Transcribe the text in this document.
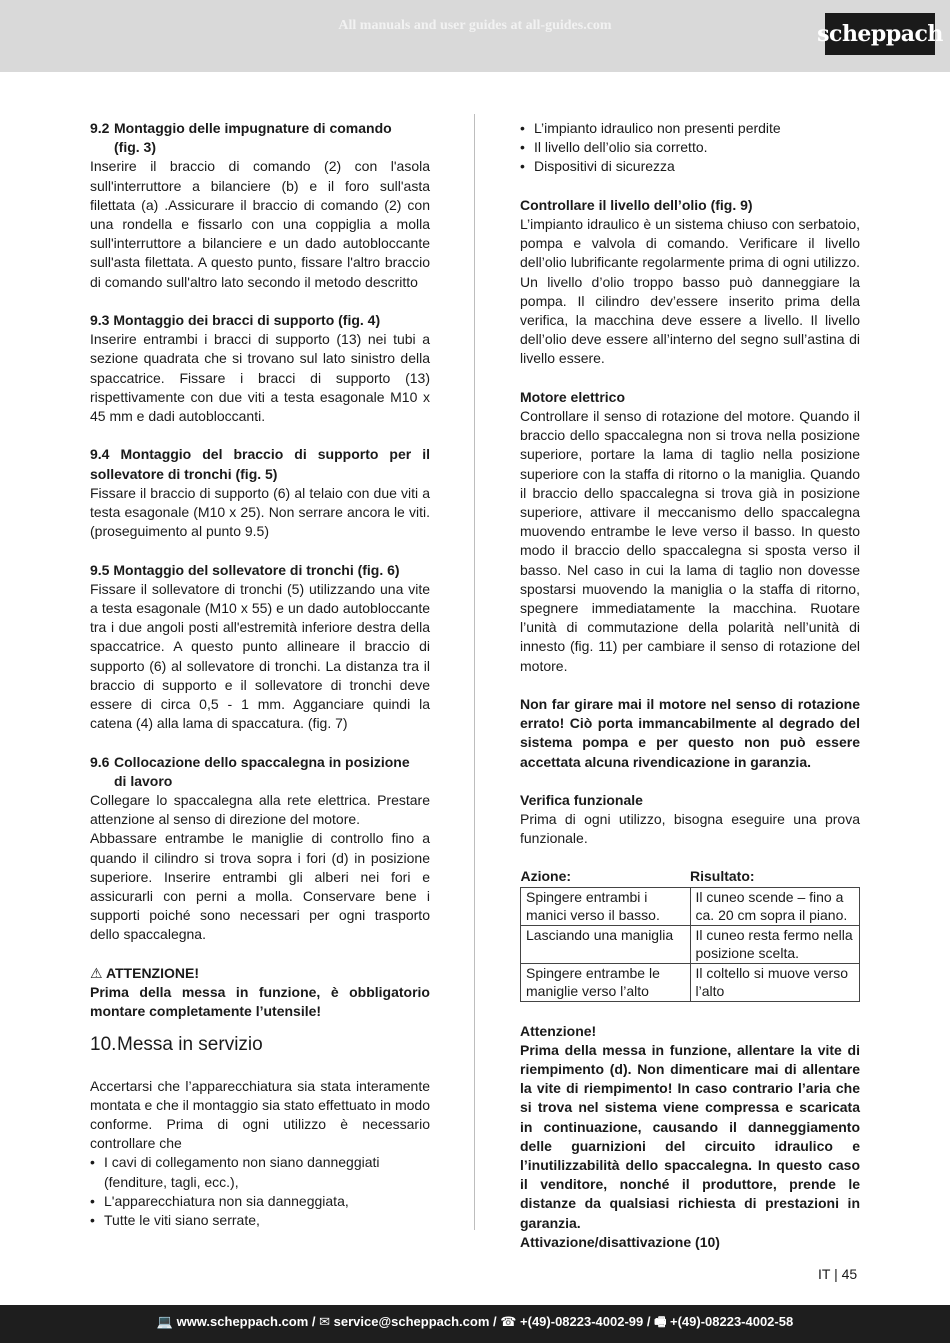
All manuals and user guides at all-guides.com	scheppach

9.2 Montaggio delle impugnature di comando
(fig. 3)

Inserire il braccio di comando (2) con l'asola sull'interruttore a bilanciere (b) e il foro sull'asta filettata (a) .Assicurare il braccio di comando (2) con una rondella e fissarlo con una coppiglia a molla sull'interruttore a bilanciere e un dado autobloccante sull'asta filettata. A questo punto, fissare l'altro braccio di comando sull'altro lato secondo il metodo descritto

9.3 Montaggio dei bracci di supporto (fig. 4)

Inserire entrambi i bracci di supporto (13) nei tubi a sezione quadrata che si trovano sul lato sinistro della spaccatrice. Fissare i bracci di supporto (13) rispettivamente con due viti a testa esagonale M10 x 45 mm e dadi autobloccanti.

9.4 Montaggio del braccio di supporto per il sollevatore di tronchi (fig. 5)

Fissare il braccio di supporto (6) al telaio con due viti a testa esagonale (M10 x 25). Non serrare ancora le viti. (proseguimento al punto 9.5)

9.5 Montaggio del sollevatore di tronchi (fig. 6)

Fissare il sollevatore di tronchi (5) utilizzando una vite a testa esagonale (M10 x 55) e un dado autobloccante tra i due angoli posti all'estremità inferiore destra della spaccatrice. A questo punto allineare il braccio di supporto (6) al sollevatore di tronchi. La distanza tra il braccio di supporto e il sollevatore di tronchi deve essere di circa 0,5 - 1 mm. Agganciare quindi la catena (4) alla lama di spaccatura. (fig. 7)

9.6 Collocazione dello spaccalegna in posizione
di lavoro

Collegare lo spaccalegna alla rete elettrica. Prestare attenzione al senso di direzione del motore.

Abbassare entrambe le maniglie di controllo fino a quando il cilindro si trova sopra i fori (d) in posizione superiore. Inserire entrambi gli alberi nei fori e assicurarli con perni a molla. Conservare bene i supporti poiché sono necessari per ogni trasporto dello spaccalegna.

⚠ ATTENZIONE!

Prima della messa in funzione, è obbligatorio montare completamente l’utensile!

10.Messa in servizio

Accertarsi che l’apparecchiatura sia stata interamente montata e che il montaggio sia stato effettuato in modo conforme. Prima di ogni utilizzo è necessario controllare che

• I cavi di collegamento non siano danneggiati (fenditure, tagli, ecc.),
• L'apparecchiatura non sia danneggiata,
• Tutte le viti siano serrate,
• L’impianto idraulico non presenti perdite
• Il livello dell’olio sia corretto.
• Dispositivi di sicurezza

Controllare il livello dell’olio (fig. 9)

L’impianto idraulico è un sistema chiuso con serbatoio, pompa e valvola di comando. Verificare il livello dell’olio lubrificante regolarmente prima di ogni utilizzo. Un livello d’olio troppo basso può danneggiare la pompa. Il cilindro dev’essere inserito prima della verifica, la macchina deve essere a livello. Il livello dell’olio deve essere all’interno del segno sull’astina di livello essere.

Motore elettrico

Controllare il senso di rotazione del motore. Quando il braccio dello spaccalegna non si trova nella posizione superiore, portare la lama di taglio nella posizione superiore con la staffa di ritorno o la maniglia. Quando il braccio dello spaccalegna si trova già in posizione superiore, attivare il meccanismo dello spaccalegna muovendo entrambe le leve verso il basso. In questo modo il braccio dello spaccalegna si sposta verso il basso. Nel caso in cui la lama di taglio non dovesse spostarsi muovendo la maniglia o la staffa di ritorno, spegnere immediatamente la macchina. Ruotare l’unità di commutazione della polarità nell’unità di innesto (fig. 11) per cambiare il senso di rotazione del motore.

Non far girare mai il motore nel senso di rotazione errato! Ciò porta immancabilmente al degrado del sistema pompa e per questo non può essere accettata alcuna rivendicazione in garanzia.

Verifica funzionale

Prima di ogni utilizzo, bisogna eseguire una prova funzionale.

Azione:	Risultato:
Spingere entrambi i manici verso il basso.	Il cuneo scende – fino a ca. 20 cm sopra il piano.
Lasciando una maniglia	Il cuneo resta fermo nella posizione scelta.
Spingere entrambe le maniglie verso l’alto	Il coltello si muove verso l’alto

Attenzione!

Prima della messa in funzione, allentare la vite di riempimento (d). Non dimenticare mai di allentare la vite di riempimento! In caso contrario l’aria che si trova nel sistema viene compressa e scaricata in continuazione, causando il danneggiamento delle guarnizioni del circuito idraulico e l’inutilizzabilità dello spaccalegna. In questo caso il venditore, nonché il produttore, prende le distanze da qualsiasi richiesta di prestazioni in garanzia.

Attivazione/disattivazione (10)

IT | 45
💻 www.scheppach.com / ✉ service@scheppach.com / ☎ +(49)-08223-4002-99 / 🖷 +(49)-08223-4002-58
